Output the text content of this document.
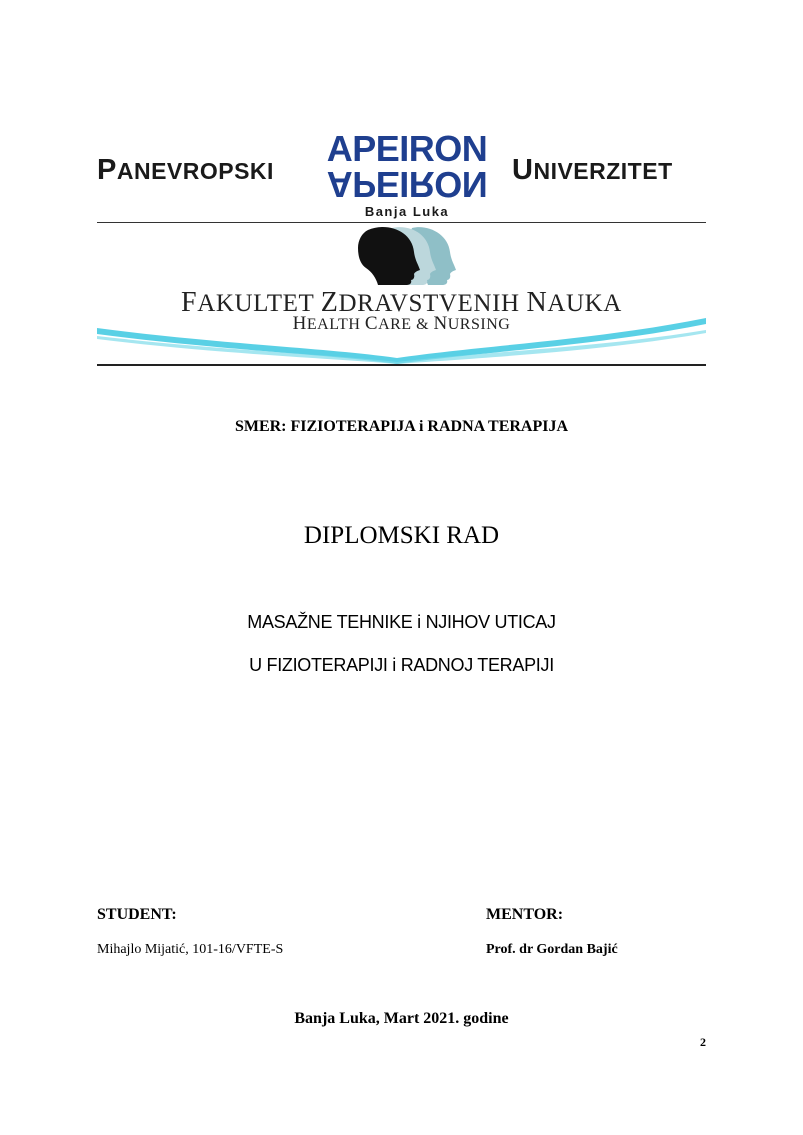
PANEVROPSKI
APEIRON
APEIRON
Banja Luka
UNIVERZITET
FAKULTET ZDRAVSTVENIH NAUKA
HEALTH CARE & NURSING
SMER: FIZIOTERAPIJA i RADNA TERAPIJA
DIPLOMSKI RAD
MASAŽNE TEHNIKE i NJIHOV UTICAJ
U FIZIOTERAPIJI i RADNOJ TERAPIJI
STUDENT:	MENTOR:
Mihajlo Mijatić, 101-16/VFTE-S	Prof. dr Gordan Bajić
Banja Luka, Mart 2021. godine
2
